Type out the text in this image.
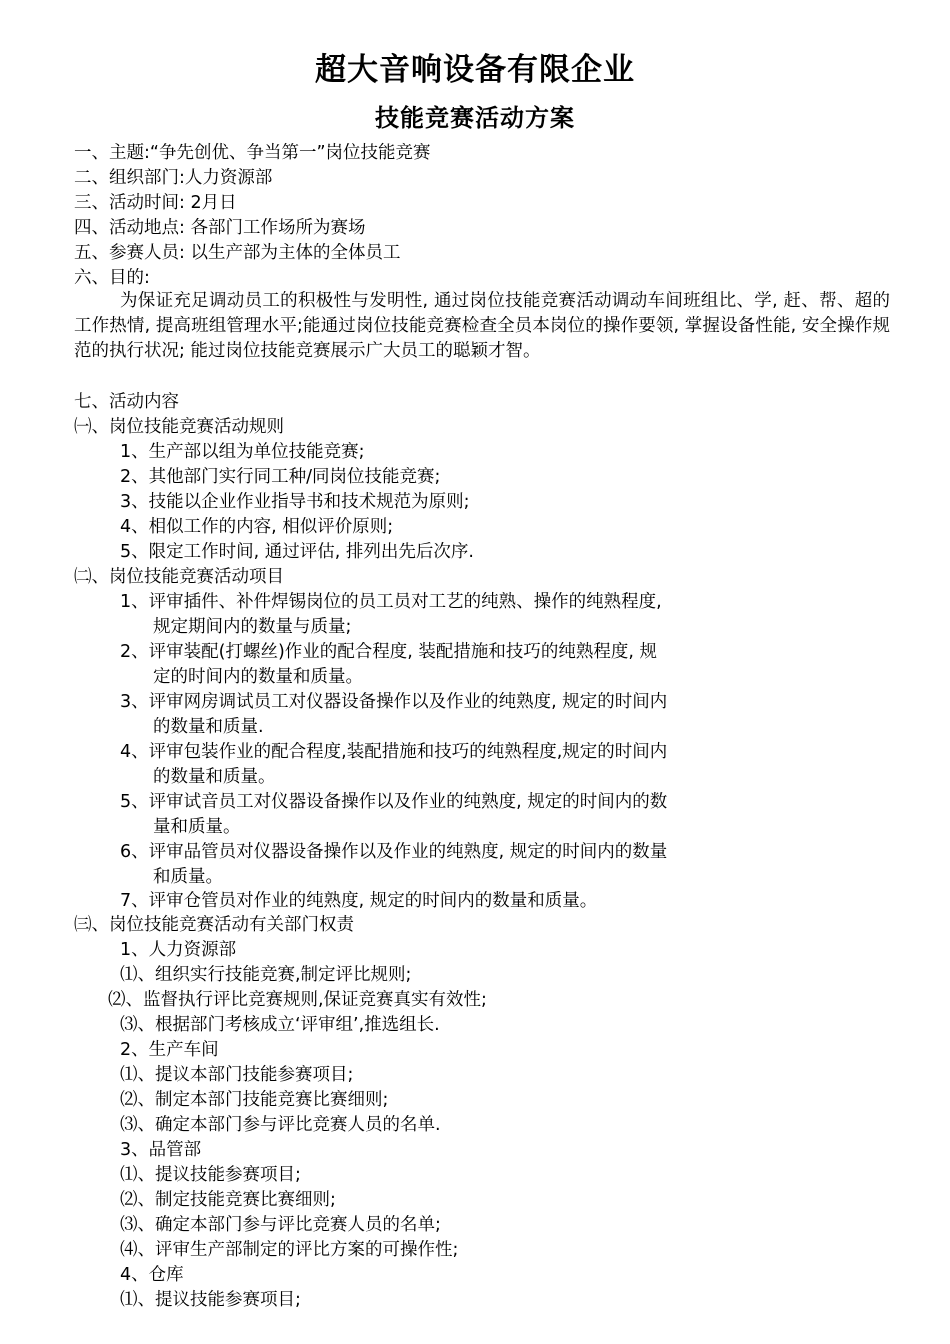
超大音响设备有限企业
技能竞赛活动方案
一、主题:“争先创优、争当第一”岗位技能竞赛
二、组织部门:人力资源部
三、活动时间: 2月日
四、活动地点: 各部门工作场所为赛场
五、参赛人员: 以生产部为主体的全体员工
六、目的:
为保证充足调动员工的积极性与发明性, 通过岗位技能竞赛活动调动车间班组比、学, 赶、帮、超的工作热情, 提高班组管理水平;能通过岗位技能竞赛检查全员本岗位的操作要领, 掌握设备性能, 安全操作规范的执行状况; 能过岗位技能竞赛展示广大员工的聪颖才智。
七、活动内容
㈠、岗位技能竞赛活动规则
1、生产部以组为单位技能竞赛;
2、其他部门实行同工种/同岗位技能竞赛;
3、技能以企业作业指导书和技术规范为原则;
4、相似工作的内容, 相似评价原则;
5、限定工作时间, 通过评估, 排列出先后次序.
㈡、岗位技能竞赛活动项目
1、评审插件、补件焊锡岗位的员工员对工艺的纯熟、操作的纯熟程度,
规定期间内的数量与质量;
2、评审装配(打螺丝)作业的配合程度, 装配措施和技巧的纯熟程度, 规
定的时间内的数量和质量。
3、评审网房调试员工对仪器设备操作以及作业的纯熟度, 规定的时间内
的数量和质量.
4、评审包装作业的配合程度,装配措施和技巧的纯熟程度,规定的时间内
的数量和质量。
5、评审试音员工对仪器设备操作以及作业的纯熟度, 规定的时间内的数
量和质量。
6、评审品管员对仪器设备操作以及作业的纯熟度, 规定的时间内的数量
和质量。
7、评审仓管员对作业的纯熟度, 规定的时间内的数量和质量。
㈢、岗位技能竞赛活动有关部门权责
1、人力资源部
⑴、组织实行技能竞赛,制定评比规则;
⑵、监督执行评比竞赛规则,保证竞赛真实有效性;
⑶、根据部门考核成立‘评审组’,推选组长.
2、生产车间
⑴、提议本部门技能参赛项目;
⑵、制定本部门技能竞赛比赛细则;
⑶、确定本部门参与评比竞赛人员的名单.
3、品管部
⑴、提议技能参赛项目;
⑵、制定技能竞赛比赛细则;
⑶、确定本部门参与评比竞赛人员的名单;
⑷、评审生产部制定的评比方案的可操作性;
4、仓库
⑴、提议技能参赛项目;
